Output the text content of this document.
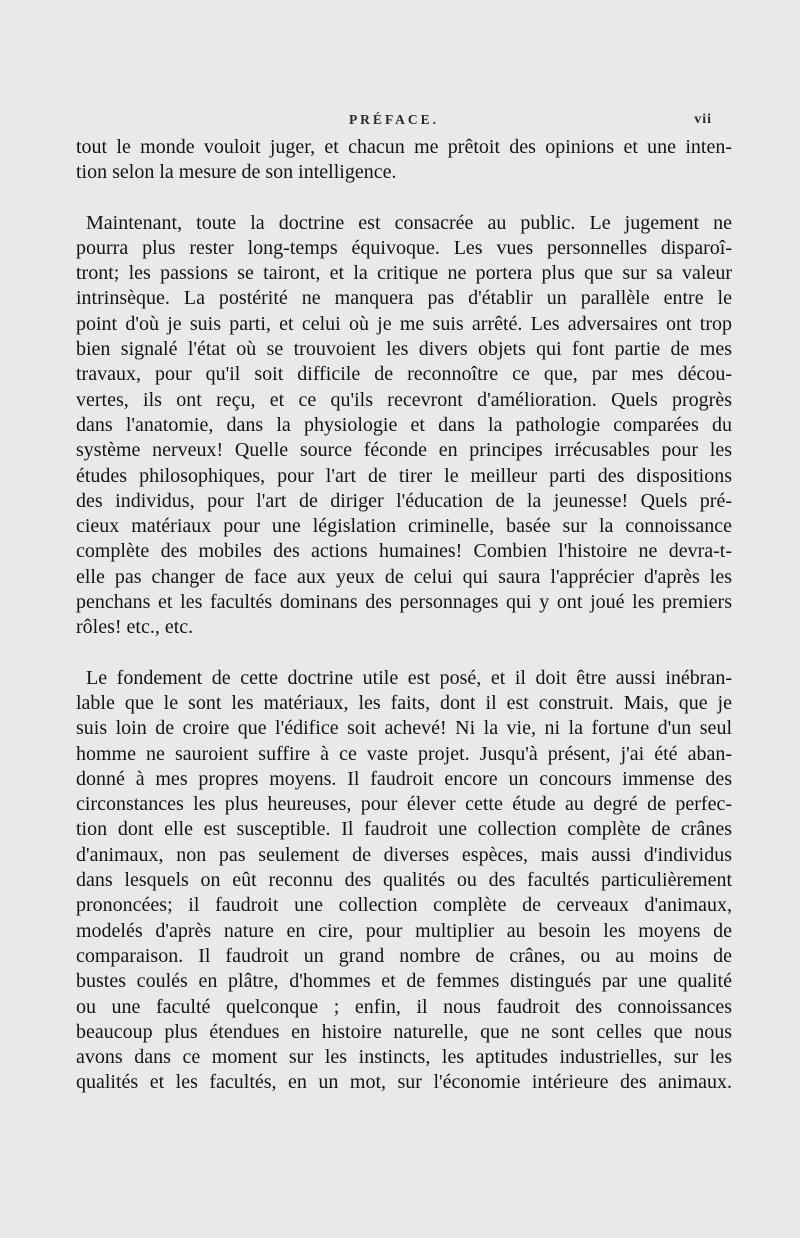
PRÉFACE.	vii

tout le monde vouloit juger, et chacun me prêtoit des opinions et une inten-
tion selon la mesure de son intelligence.

Maintenant, toute la doctrine est consacrée au public. Le jugement ne
pourra plus rester long-temps équivoque. Les vues personnelles disparoî-
tront; les passions se tairont, et la critique ne portera plus que sur sa valeur
intrinsèque. La postérité ne manquera pas d'établir un parallèle entre le
point d'où je suis parti, et celui où je me suis arrêté. Les adversaires ont trop
bien signalé l'état où se trouvoient les divers objets qui font partie de mes
travaux, pour qu'il soit difficile de reconnoître ce que, par mes décou-
vertes, ils ont reçu, et ce qu'ils recevront d'amélioration. Quels progrès
dans l'anatomie, dans la physiologie et dans la pathologie comparées du
système nerveux! Quelle source féconde en principes irrécusables pour les
études philosophiques, pour l'art de tirer le meilleur parti des dispositions
des individus, pour l'art de diriger l'éducation de la jeunesse! Quels pré-
cieux matériaux pour une législation criminelle, basée sur la connoissance
complète des mobiles des actions humaines! Combien l'histoire ne devra-t-
elle pas changer de face aux yeux de celui qui saura l'apprécier d'après les
penchans et les facultés dominans des personnages qui y ont joué les premiers
rôles! etc., etc.

Le fondement de cette doctrine utile est posé, et il doit être aussi inébran-
lable que le sont les matériaux, les faits, dont il est construit. Mais, que je
suis loin de croire que l'édifice soit achevé! Ni la vie, ni la fortune d'un seul
homme ne sauroient suffire à ce vaste projet. Jusqu'à présent, j'ai été aban-
donné à mes propres moyens. Il faudroit encore un concours immense des
circonstances les plus heureuses, pour élever cette étude au degré de perfec-
tion dont elle est susceptible. Il faudroit une collection complète de crânes
d'animaux, non pas seulement de diverses espèces, mais aussi d'individus
dans lesquels on eût reconnu des qualités ou des facultés particulièrement
prononcées; il faudroit une collection complète de cerveaux d'animaux,
modelés d'après nature en cire, pour multiplier au besoin les moyens de
comparaison. Il faudroit un grand nombre de crânes, ou au moins de
bustes coulés en plâtre, d'hommes et de femmes distingués par une qualité
ou une faculté quelconque ; enfin, il nous faudroit des connoissances
beaucoup plus étendues en histoire naturelle, que ne sont celles que nous
avons dans ce moment sur les instincts, les aptitudes industrielles, sur les
qualités et les facultés, en un mot, sur l'économie intérieure des animaux.
